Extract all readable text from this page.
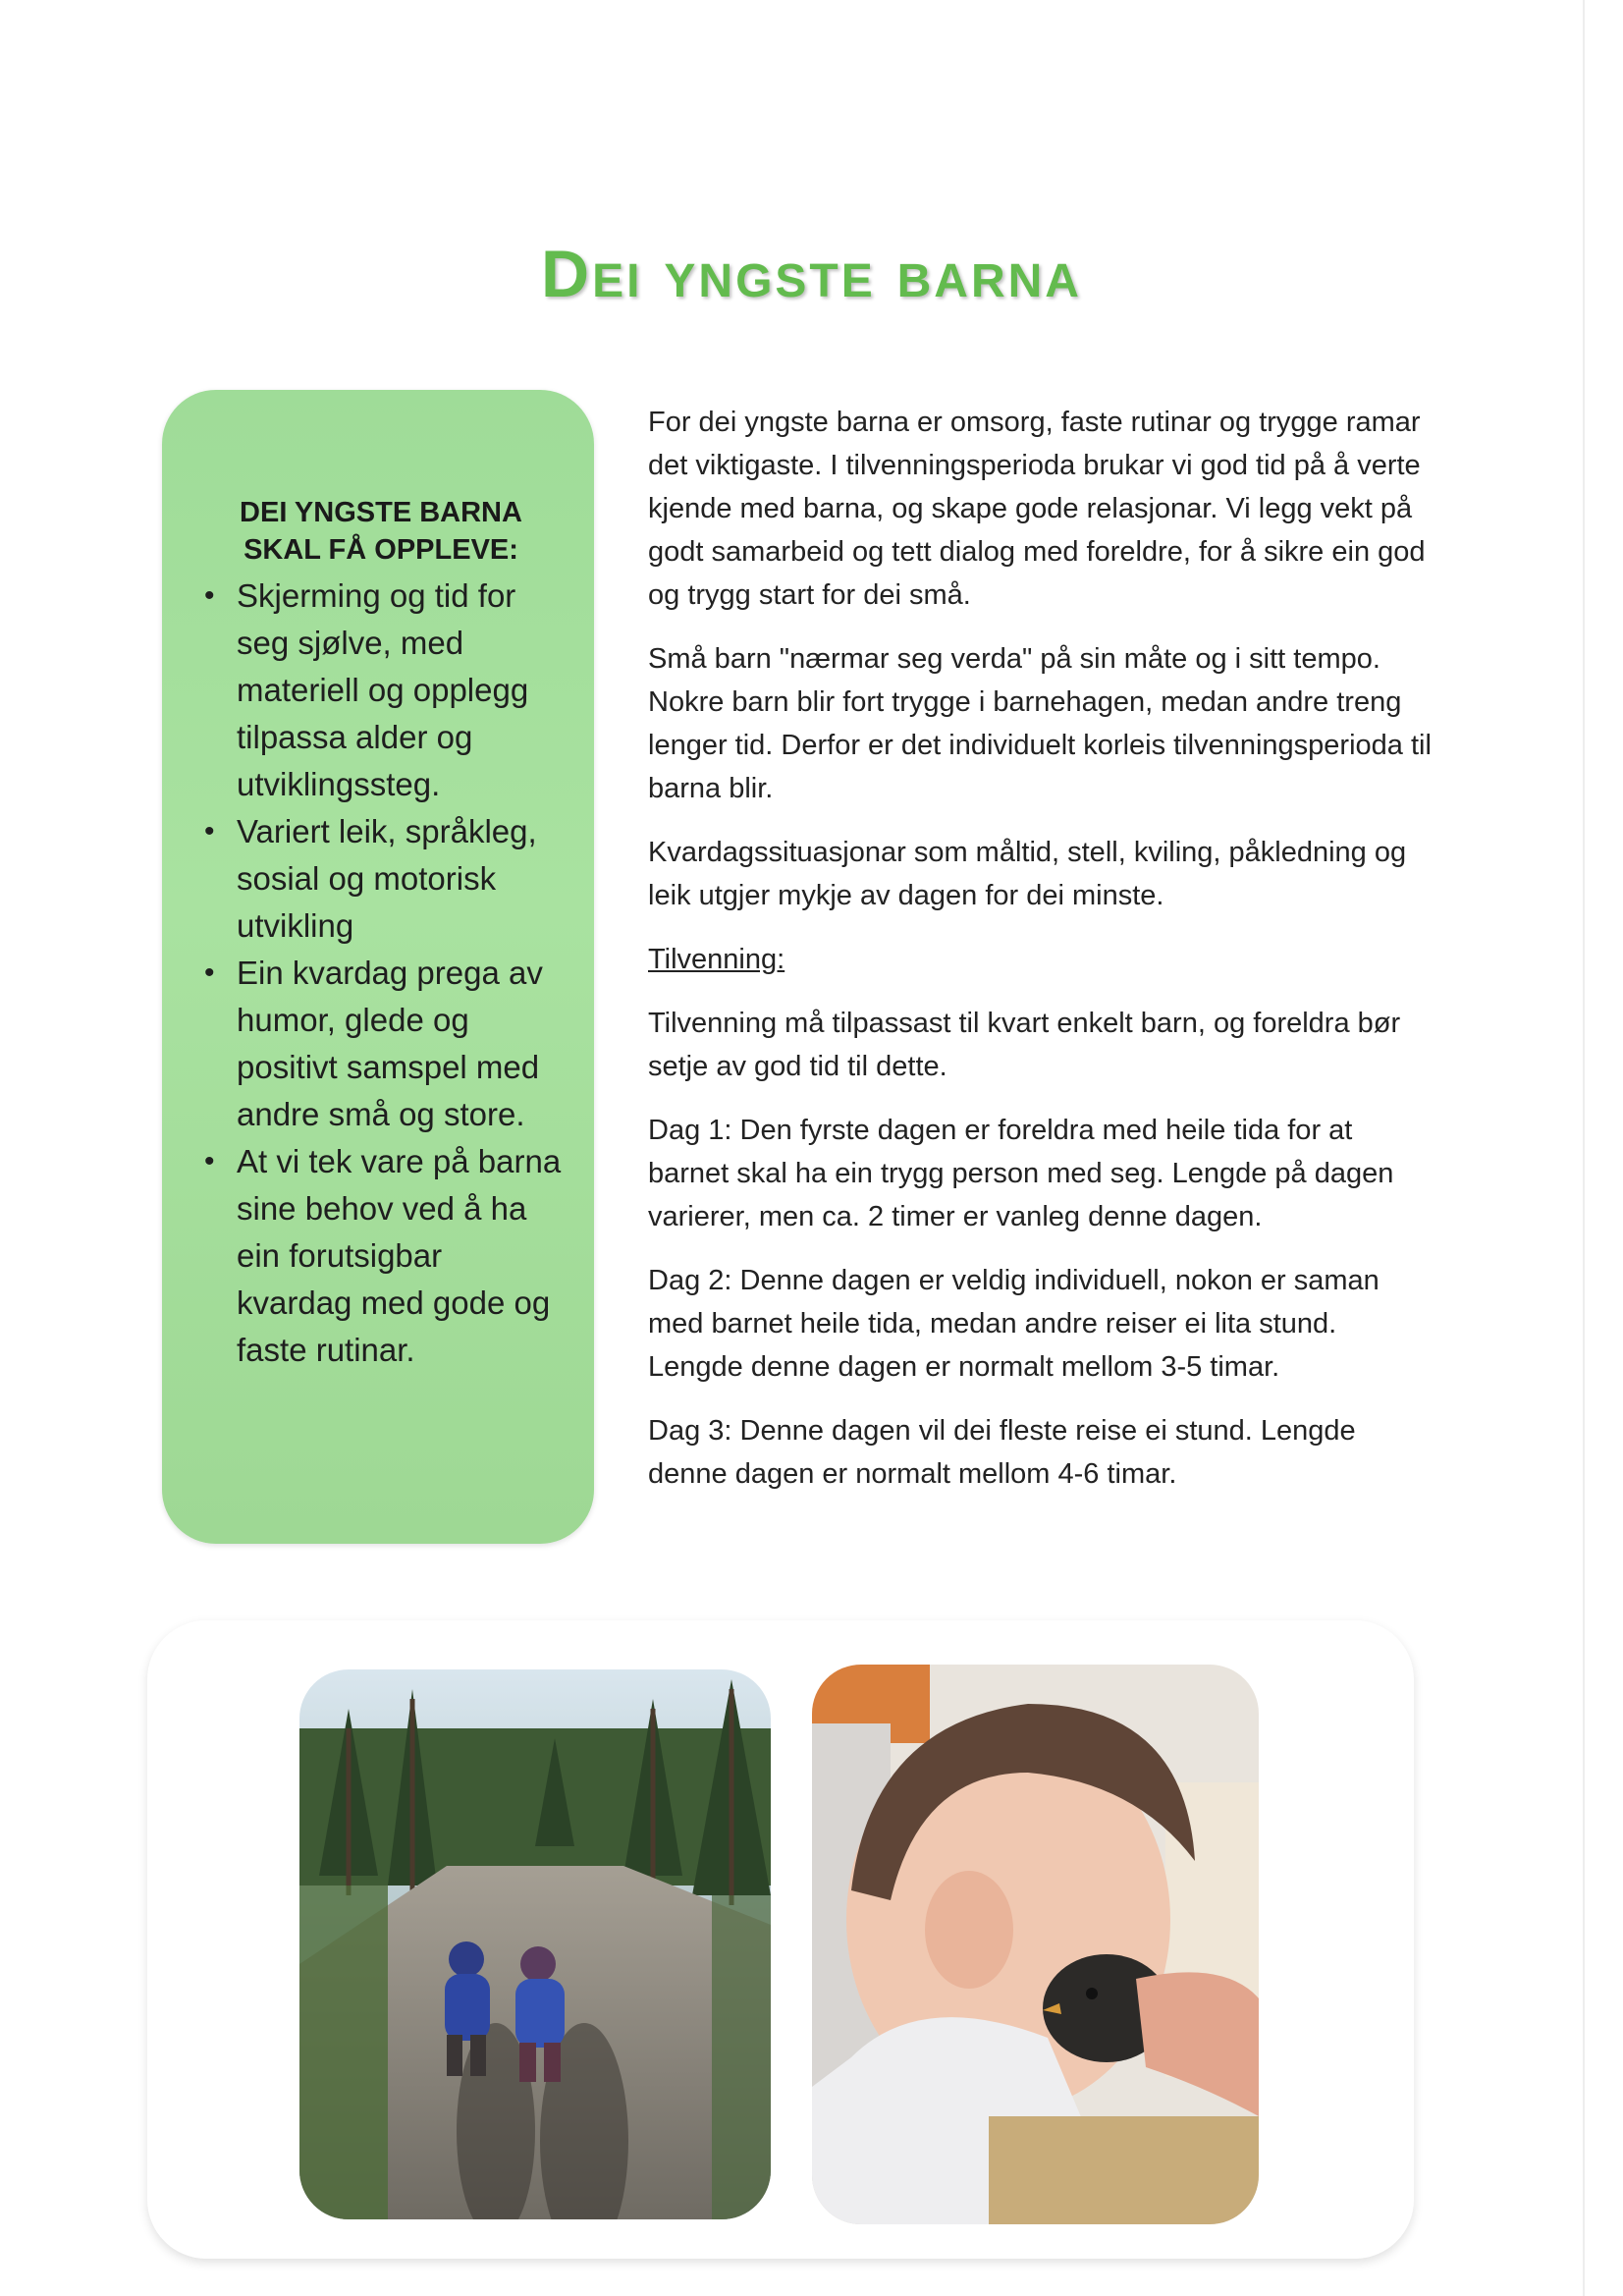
Dei yngste barna
DEI YNGSTE BARNA
SKAL FÅ OPPLEVE:
• Skjerming og tid for seg sjølve, med materiell og opplegg tilpassa alder og utviklingssteg.
• Variert leik, språkleg, sosial og motorisk utvikling
• Ein kvardag prega av humor, glede og positivt samspel med andre små og store.
• At vi tek vare på barna sine behov ved å ha ein forutsigbar kvardag med gode og faste rutinar.

For dei yngste barna er omsorg, faste rutinar og trygge ramar det viktigaste. I tilvenningsperioda brukar vi god tid på å verte kjende med barna, og skape gode relasjonar. Vi legg vekt på godt samarbeid og tett dialog med foreldre, for å sikre ein god og trygg start for dei små.

Små barn "nærmar seg verda" på sin måte og i sitt tempo. Nokre barn blir fort trygge i barnehagen, medan andre treng lenger tid. Derfor er det individuelt korleis tilvenningsperioda til barna blir.

Kvardagssituasjonar som måltid, stell, kviling, påkledning og leik utgjer mykje av dagen for dei minste.

Tilvenning:

Tilvenning må tilpassast til kvart enkelt barn, og foreldra bør setje av god tid til dette.

Dag 1: Den fyrste dagen er foreldra med heile tida for at barnet skal ha ein trygg person med seg. Lengde på dagen varierer, men ca. 2 timer er vanleg denne dagen.

Dag 2: Denne dagen er veldig individuell, nokon er saman med barnet heile tida, medan andre reiser ei lita stund. Lengde denne dagen er normalt mellom 3-5 timar.

Dag 3: Denne dagen vil dei fleste reise ei stund. Lengde denne dagen er normalt mellom 4-6 timar.
